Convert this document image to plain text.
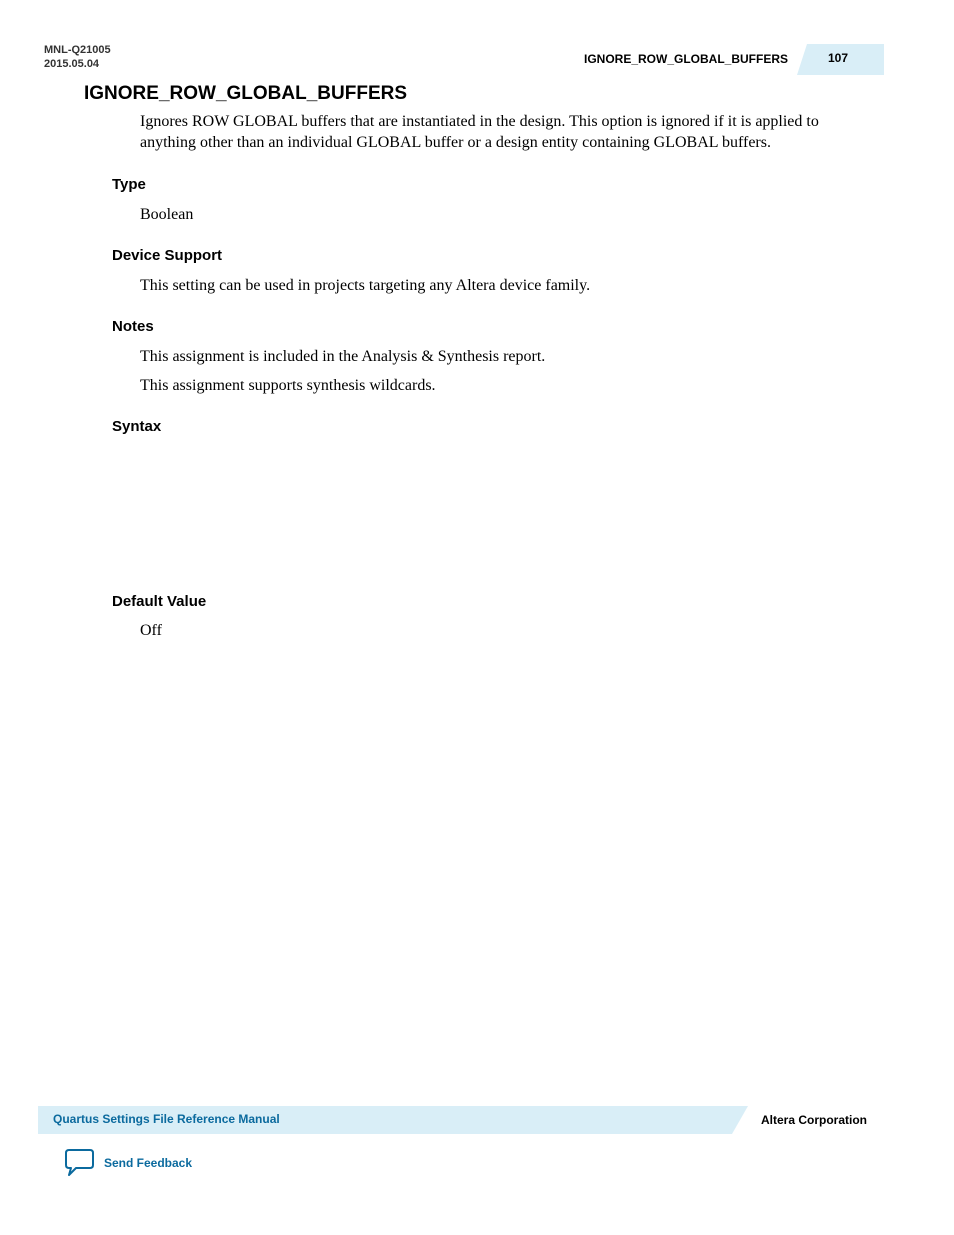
MNL-Q21005
2015.05.04	IGNORE_ROW_GLOBAL_BUFFERS	107
IGNORE_ROW_GLOBAL_BUFFERS

Ignores ROW GLOBAL buffers that are instantiated in the design. This option is ignored if it is applied to

anything other than an individual GLOBAL buffer or a design entity containing GLOBAL buffers.

Type

Boolean

Device Support

This setting can be used in projects targeting any Altera device family.

Notes

This assignment is included in the Analysis & Synthesis report.

This assignment supports synthesis wildcards.

Syntax
Default Value

Off

Quartus Settings File Reference Manual	Altera Corporation
Send Feedback
